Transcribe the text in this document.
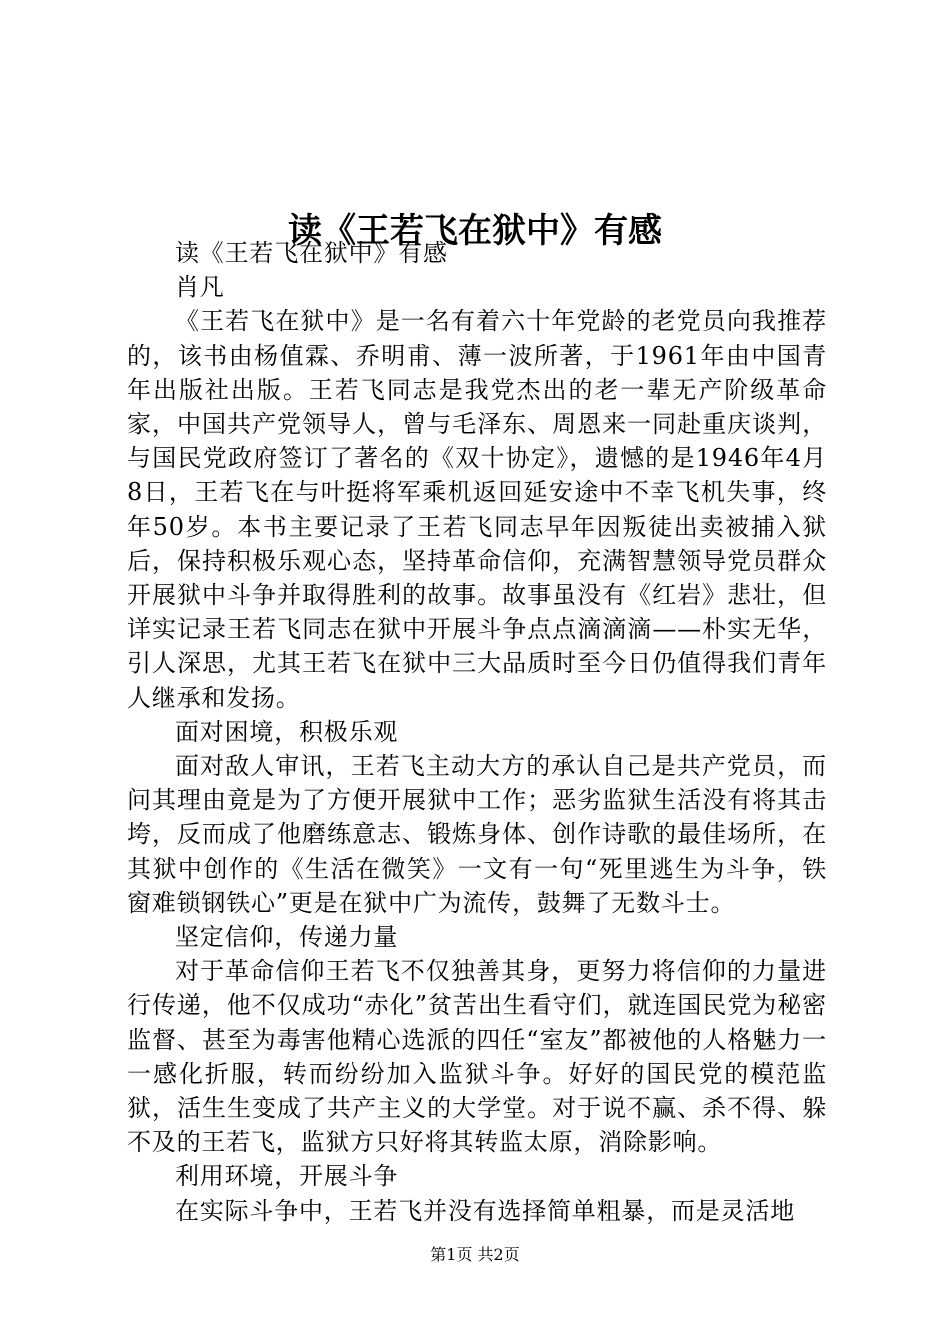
读《王若飞在狱中》有感

读《王若飞在狱中》有感

肖凡

《王若飞在狱中》是一名有着六十年党龄的老党员向我推荐的，该书由杨值霖、乔明甫、薄一波所著，于1961年由中国青年出版社出版。王若飞同志是我党杰出的老一辈无产阶级革命家，中国共产党领导人，曾与毛泽东、周恩来一同赴重庆谈判，与国民党政府签订了著名的《双十协定》，遗憾的是1946年4月8日，王若飞在与叶挺将军乘机返回延安途中不幸飞机失事，终年50岁。本书主要记录了王若飞同志早年因叛徒出卖被捕入狱后，保持积极乐观心态，坚持革命信仰，充满智慧领导党员群众开展狱中斗争并取得胜利的故事。故事虽没有《红岩》悲壮，但详实记录王若飞同志在狱中开展斗争点点滴滴滴——朴实无华，引人深思，尤其王若飞在狱中三大品质时至今日仍值得我们青年人继承和发扬。

面对困境，积极乐观

面对敌人审讯，王若飞主动大方的承认自己是共产党员，而问其理由竟是为了方便开展狱中工作；恶劣监狱生活没有将其击垮，反而成了他磨练意志、锻炼身体、创作诗歌的最佳场所，在其狱中创作的《生活在微笑》一文有一句“死里逃生为斗争，铁窗难锁钢铁心”更是在狱中广为流传，鼓舞了无数斗士。

坚定信仰，传递力量

对于革命信仰王若飞不仅独善其身，更努力将信仰的力量进行传递，他不仅成功“赤化”贫苦出生看守们，就连国民党为秘密监督、甚至为毒害他精心选派的四任“室友”都被他的人格魅力一一感化折服，转而纷纷加入监狱斗争。好好的国民党的模范监狱，活生生变成了共产主义的大学堂。对于说不赢、杀不得、躲不及的王若飞，监狱方只好将其转监太原，消除影响。

利用环境，开展斗争

在实际斗争中，王若飞并没有选择简单粗暴，而是灵活地

第1页 共2页
